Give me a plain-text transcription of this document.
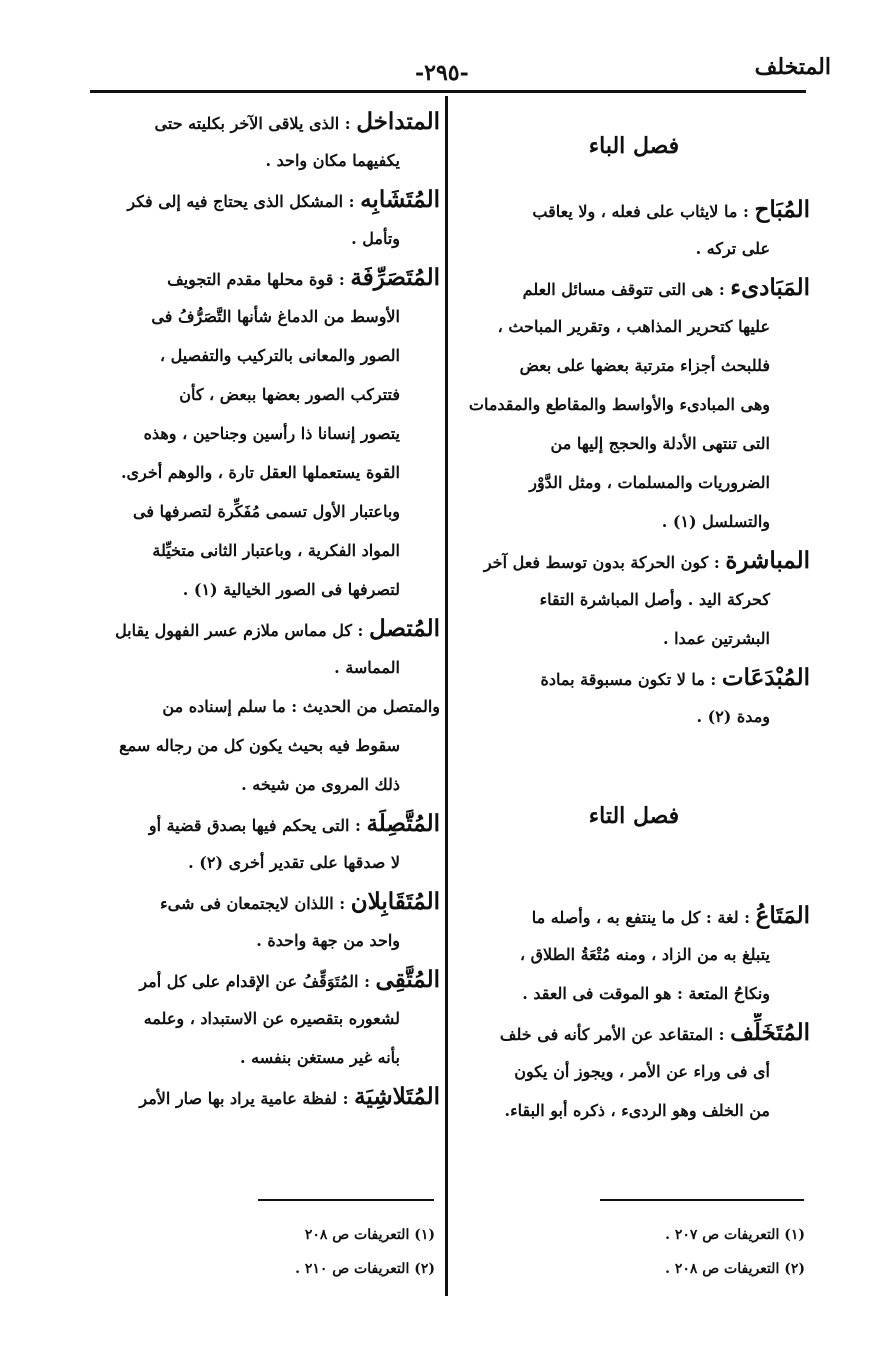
المتخلف
-٢٩٥-
فصل الباء
المُبَاح : ما لايثاب على فعله ، ولا يعاقب
على تركه .
المَبَادىء : هى التى تتوقف مسائل العلم
عليها كتحرير المذاهب ، وتقرير المباحث ،
فللبحث أجزاء مترتبة بعضها على بعض
وهى المبادىء والأواسط والمقاطع والمقدمات
التى تنتهى الأدلة والحجج إليها من
الضروريات والمسلمات ، ومثل الدَّوْر
والتسلسل (١) .
المباشرة : كون الحركة بدون توسط فعل آخر
كحركة اليد . وأصل المباشرة التقاء
البشرتين عمدا .
المُبْدَعَات : ما لا تكون مسبوقة بمادة
ومدة (٢) .
فصل التاء
المَتَاعُ : لغة : كل ما ينتفع به ، وأصله ما
يتبلغ به من الزاد ، ومنه مُتْعَةُ الطلاق ،
ونكاحُ المتعة : هو الموقت فى العقد .
المُتَخَلِّف : المتقاعد عن الأمر كأنه فى خلف
أى فى وراء عن الأمر ، ويجوز أن يكون
من الخلف وهو الردىء ، ذكره أبو البقاء.
المتداخل : الذى يلاقى الآخر بكليته حتى
يكفيهما مكان واحد .
المُتَشَابِه : المشكل الذى يحتاج فيه إلى فكر
وتأمل .
المُتَصَرِّفَة : قوة محلها مقدم التجويف
الأوسط من الدماغ شأنها التَّصَرُّفُ فى
الصور والمعانى بالتركيب والتفصيل ،
فتتركب الصور بعضها ببعض ، كأن
يتصور إنسانا ذا رأسين وجناحين ، وهذه
القوة يستعملها العقل تارة ، والوهم أخرى.
وباعتبار الأول تسمى مُفَكِّرة لتصرفها فى
المواد الفكرية ، وباعتبار الثانى متخيِّلة
لتصرفها فى الصور الخيالية (١) .
المُتصل : كل مماس ملازم عسر الفهول يقابل
المماسة .
والمتصل من الحديث : ما سلم إسناده من
سقوط فيه بحيث يكون كل من رجاله سمع
ذلك المروى من شيخه .
المُتَّصِلَة : التى يحكم فيها بصدق قضية أو
لا صدقها على تقدير أخرى (٢) .
المُتَقَابِلان : اللذان لايجتمعان فى شىء
واحد من جهة واحدة .
المُتَّقِى : المُتَوَقِّفُ عن الإقدام على كل أمر
لشعوره بتقصيره عن الاستبداد ، وعلمه
بأنه غير مستغن بنفسه .
المُتَلاشِيَة : لفظة عامية يراد بها صار الأمر
(١) التعريفات ص ٢٠٧ .
(٢) التعريفات ص ٢٠٨ .
(١) التعريفات ص ٢٠٨
(٢) التعريفات ص ٢١٠ .
